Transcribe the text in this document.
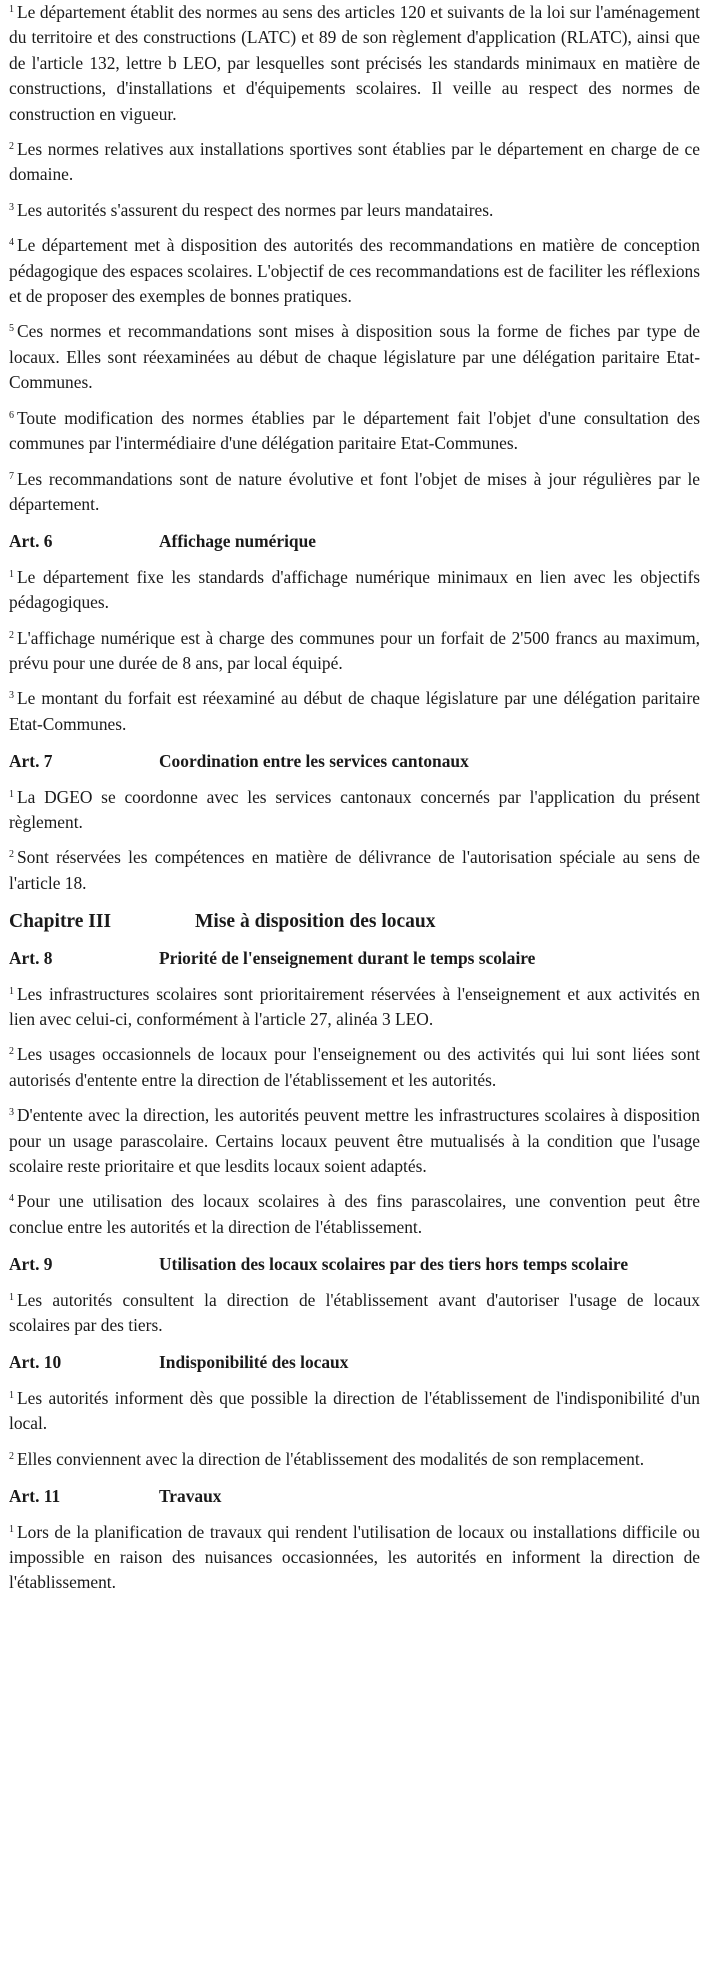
$^1$ Le département établit des normes au sens des articles 120 et suivants de la loi sur l'aménagement du territoire et des constructions (LATC) et 89 de son règlement d'application (RLATC), ainsi que de l'article 132, lettre b LEO, par lesquelles sont précisés les standards minimaux en matière de constructions, d'installations et d'équipements scolaires. Il veille au respect des normes de construction en vigueur.

$^2$ Les normes relatives aux installations sportives sont établies par le département en charge de ce domaine.

$^3$ Les autorités s'assurent du respect des normes par leurs mandataires.

$^4$ Le département met à disposition des autorités des recommandations en matière de conception pédagogique des espaces scolaires. L'objectif de ces recommandations est de faciliter les réflexions et de proposer des exemples de bonnes pratiques.

$^5$ Ces normes et recommandations sont mises à disposition sous la forme de fiches par type de locaux. Elles sont réexaminées au début de chaque législature par une délégation paritaire Etat-Communes.

$^6$ Toute modification des normes établies par le département fait l'objet d'une consultation des communes par l'intermédiaire d'une délégation paritaire Etat-Communes.

$^7$ Les recommandations sont de nature évolutive et font l'objet de mises à jour régulières par le département.

Art. 6	Affichage numérique

$^1$ Le département fixe les standards d'affichage numérique minimaux en lien avec les objectifs pédagogiques.

$^2$ L'affichage numérique est à charge des communes pour un forfait de 2'500 francs au maximum, prévu pour une durée de 8 ans, par local équipé.

$^3$ Le montant du forfait est réexaminé au début de chaque législature par une délégation paritaire Etat-Communes.

Art. 7	Coordination entre les services cantonaux

$^1$ La DGEO se coordonne avec les services cantonaux concernés par l'application du présent règlement.

$^2$ Sont réservées les compétences en matière de délivrance de l'autorisation spéciale au sens de l'article 18.

Chapitre III	Mise à disposition des locaux
Art. 8	Priorité de l'enseignement durant le temps scolaire

$^1$ Les infrastructures scolaires sont prioritairement réservées à l'enseignement et aux activités en lien avec celui-ci, conformément à l'article 27, alinéa 3 LEO.

$^2$ Les usages occasionnels de locaux pour l'enseignement ou des activités qui lui sont liées sont autorisés d'entente entre la direction de l'établissement et les autorités.

$^3$ D'entente avec la direction, les autorités peuvent mettre les infrastructures scolaires à disposition pour un usage parascolaire. Certains locaux peuvent être mutualisés à la condition que l'usage scolaire reste prioritaire et que lesdits locaux soient adaptés.

$^4$ Pour une utilisation des locaux scolaires à des fins parascolaires, une convention peut être conclue entre les autorités et la direction de l'établissement.

Art. 9	Utilisation des locaux scolaires par des tiers hors temps scolaire

$^1$ Les autorités consultent la direction de l'établissement avant d'autoriser l'usage de locaux scolaires par des tiers.

Art. 10	Indisponibilité des locaux

$^1$ Les autorités informent dès que possible la direction de l'établissement de l'indisponibilité d'un local.

$^2$ Elles conviennent avec la direction de l'établissement des modalités de son remplacement.

Art. 11	Travaux

$^1$ Lors de la planification de travaux qui rendent l'utilisation de locaux ou installations difficile ou impossible en raison des nuisances occasionnées, les autorités en informent la direction de l'établissement.
